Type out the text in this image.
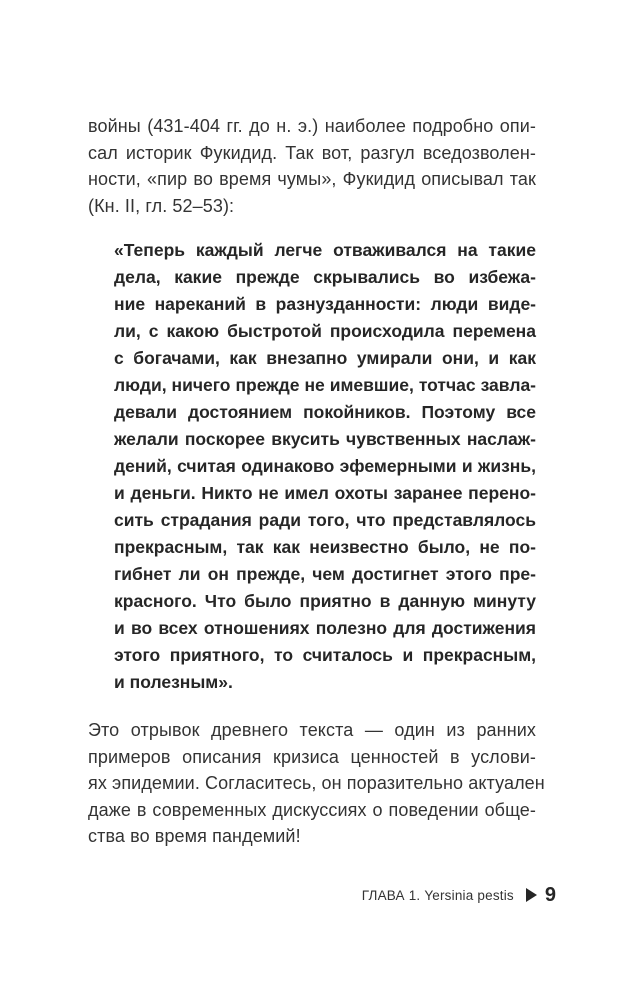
войны (431-404 гг. до н. э.) наиболее подробно опи-
сал историк Фукидид. Так вот, разгул вседозволен-
ности, «пир во время чумы», Фукидид описывал так
(Кн. II, гл. 52–53):
«Теперь каждый легче отваживался на такие
дела, какие прежде скрывались во избежа-
ние нареканий в разнузданности: люди виде-
ли, с какою быстротой происходила перемена
с богачами, как внезапно умирали они, и как
люди, ничего прежде не имевшие, тотчас завла-
девали достоянием покойников. Поэтому все
желали поскорее вкусить чувственных наслаж-
дений, считая одинаково эфемерными и жизнь,
и деньги. Никто не имел охоты заранее перено-
сить страдания ради того, что представлялось
прекрасным, так как неизвестно было, не по-
гибнет ли он прежде, чем достигнет этого пре-
красного. Что было приятно в данную минуту
и во всех отношениях полезно для достижения
этого приятного, то считалось и прекрасным,
и полезным».
Это отрывок древнего текста — один из ранних
примеров описания кризиса ценностей в услови-
ях эпидемии. Согласитесь, он поразительно актуален
даже в современных дискуссиях о поведении обще-
ства во время пандемий!
ГЛАВА 1. Yersinia pestis 9
